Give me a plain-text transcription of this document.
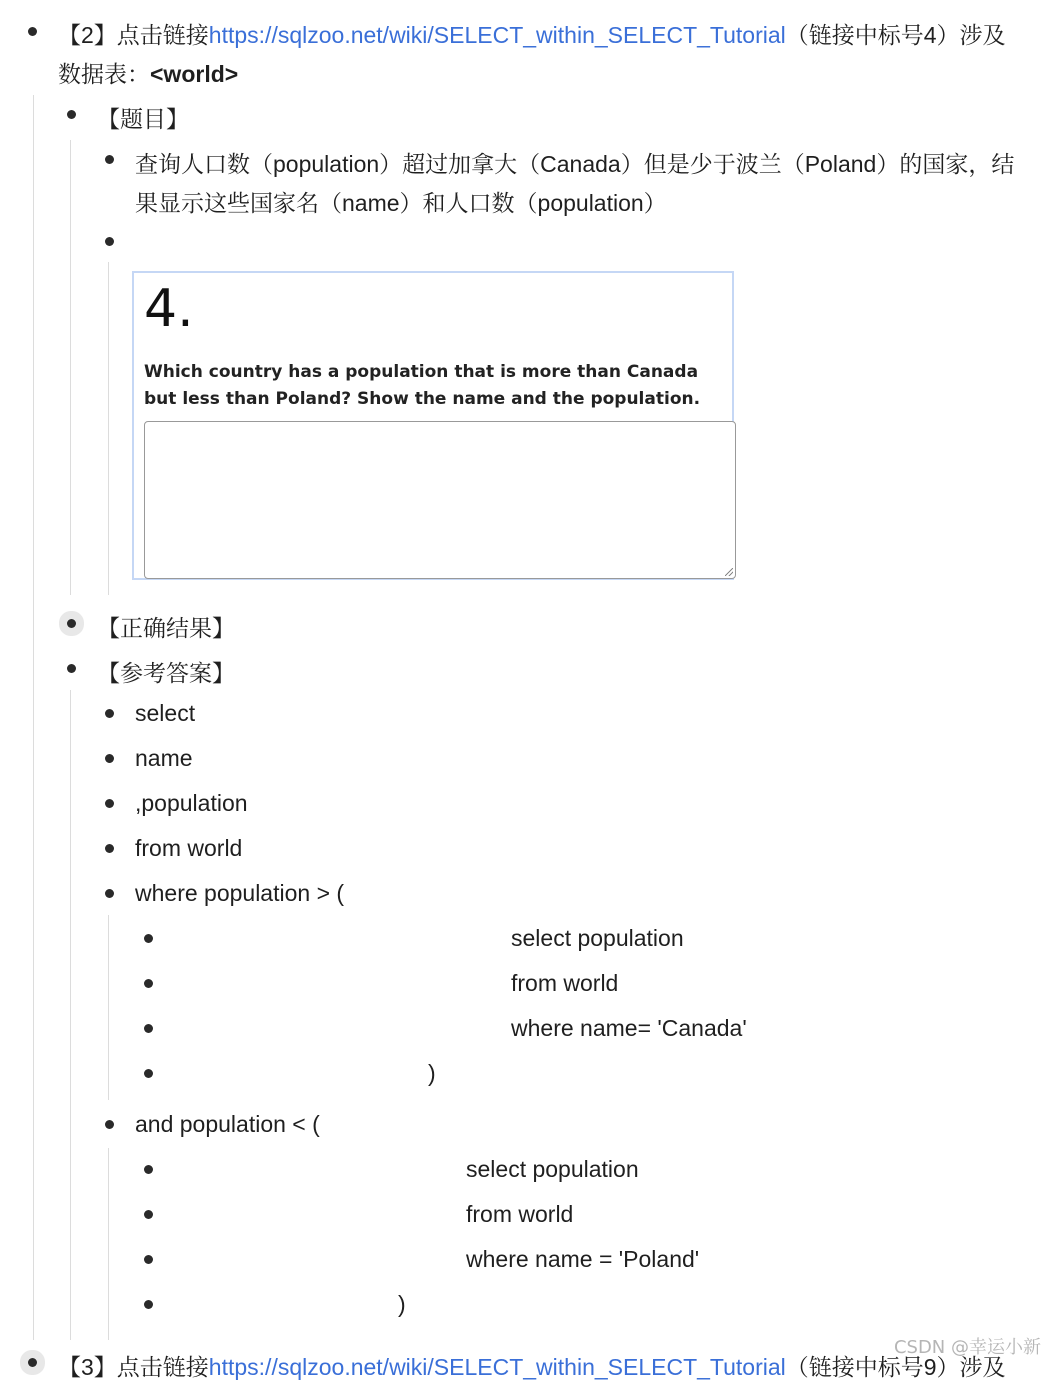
【2】点击链接https://sqlzoo.net/wiki/SELECT_within_SELECT_Tutorial（链接中标号4）涉及
数据表：<world>
【题目】
查询人口数（population）超过加拿大（Canada）但是少于波兰（Poland）的国家，结
果显示这些国家名（name）和人口数（population）
4.
Which country has a population that is more than Canada but less than Poland? Show the name and the population.
【正确结果】
【参考答案】
select
name
,population
from world
where population > (
select population
from world
where name= 'Canada'
)
and population < (
select population
from world
where name = 'Poland'
)
【3】点击链接https://sqlzoo.net/wiki/SELECT_within_SELECT_Tutorial（链接中标号9）涉及
CSDN @幸运小新
